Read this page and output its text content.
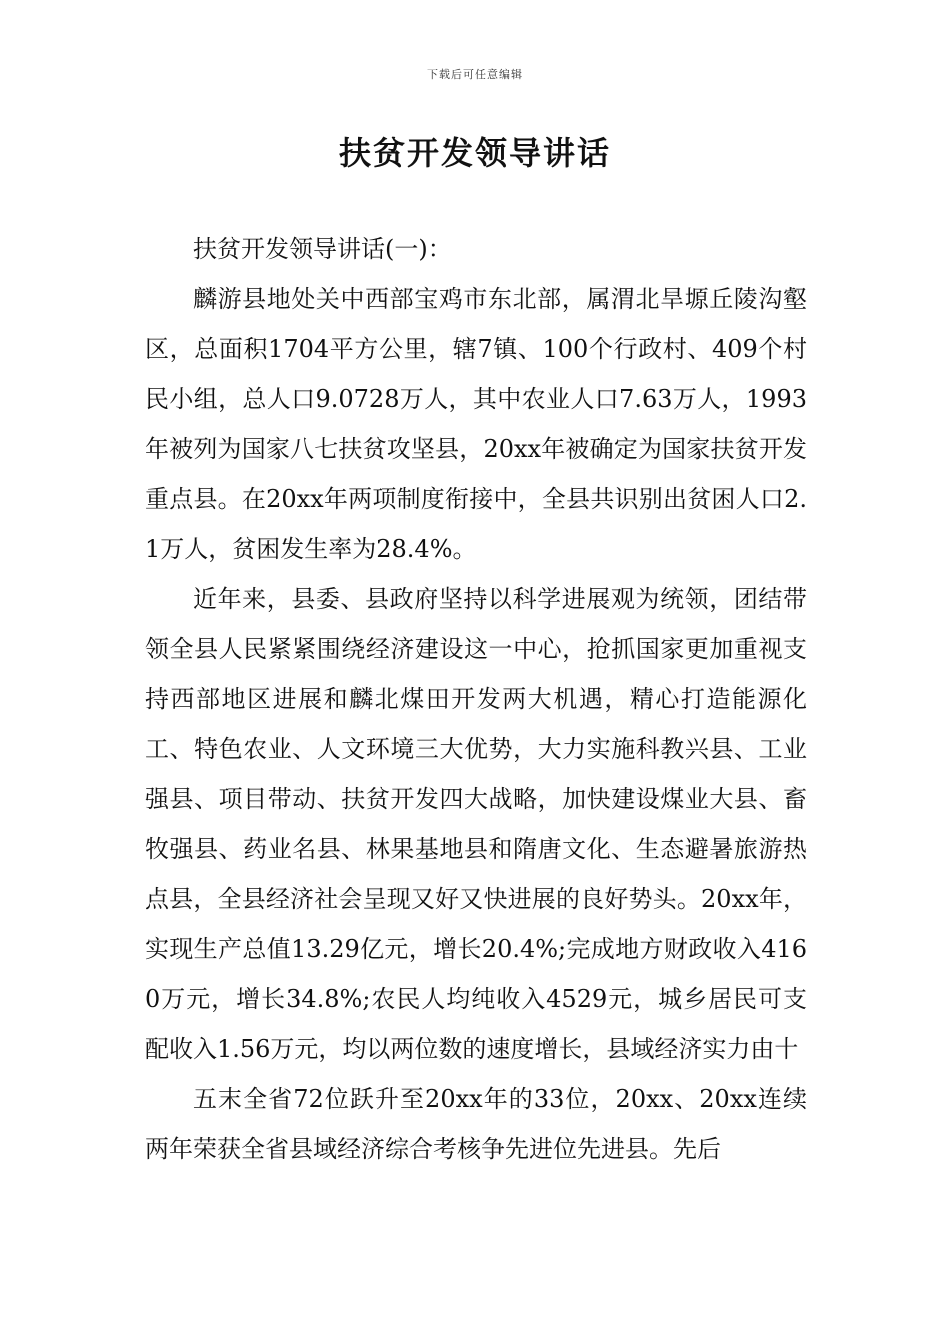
下载后可任意编辑
扶贫开发领导讲话

扶贫开发领导讲话(一)：

麟游县地处关中西部宝鸡市东北部，属渭北旱塬丘陵沟壑区，总面积1704平方公里，辖7镇、100个行政村、409个村民小组，总人口9.0728万人，其中农业人口7.63万人，1993年被列为国家八七扶贫攻坚县，20xx年被确定为国家扶贫开发重点县。在20xx年两项制度衔接中，全县共识别出贫困人口2.1万人，贫困发生率为28.4%。

近年来，县委、县政府坚持以科学进展观为统领，团结带领全县人民紧紧围绕经济建设这一中心，抢抓国家更加重视支持西部地区进展和麟北煤田开发两大机遇，精心打造能源化工、特色农业、人文环境三大优势，大力实施科教兴县、工业强县、项目带动、扶贫开发四大战略，加快建设煤业大县、畜牧强县、药业名县、林果基地县和隋唐文化、生态避暑旅游热点县，全县经济社会呈现又好又快进展的良好势头。20xx年，实现生产总值13.29亿元，增长20.4%;完成地方财政收入4160万元，增长34.8%;农民人均纯收入4529元，城乡居民可支配收入1.56万元，均以两位数的速度增长，县域经济实力由十

五末全省72位跃升至20xx年的33位，20xx、20xx连续两年荣获全省县域经济综合考核争先进位先进县。先后
